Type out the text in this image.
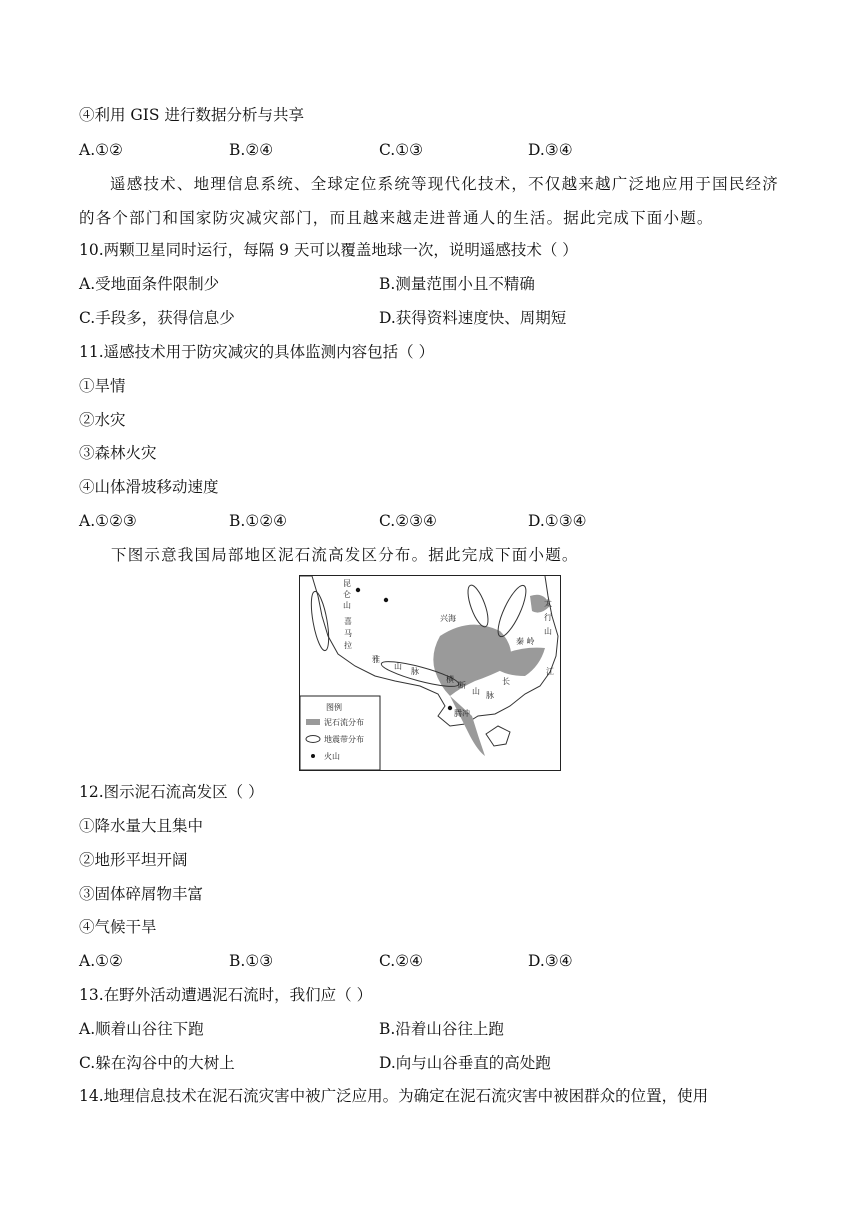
④利用 GIS 进行数据分析与共享
A.①②	B.②④	C.①③	D.③④
遥感技术、地理信息系统、全球定位系统等现代化技术，不仅越来越广泛地应用于国民经济的各个部门和国家防灾减灾部门，而且越来越走进普通人的生活。据此完成下面小题。
10.两颗卫星同时运行，每隔 9 天可以覆盖地球一次，说明遥感技术（ ）
A.受地面条件限制少	B.测量范围小且不精确
C.手段多，获得信息少	D.获得资料速度快、周期短
11.遥感技术用于防灾减灾的具体监测内容包括（ ）
①旱情
②水灾
③森林火灾
④山体滑坡移动速度
A.①②③	B.①②④	C.②③④	D.①③④
下图示意我国局部地区泥石流高发区分布。据此完成下面小题。
昆
仑
山
喜
马
拉
雅
山
脉
横
断
山 脉
兴海
秦 岭
太
行
山
长
江
腾冲
图例
泥石流分布
地震带分布
火山
12.图示泥石流高发区（ ）
①降水量大且集中
②地形平坦开阔
③固体碎屑物丰富
④气候干旱
A.①②	B.①③	C.②④	D.③④
13.在野外活动遭遇泥石流时，我们应（ ）
A.顺着山谷往下跑	B.沿着山谷往上跑
C.躲在沟谷中的大树上	D.向与山谷垂直的高处跑
14.地理信息技术在泥石流灾害中被广泛应用。为确定在泥石流灾害中被困群众的位置，使用
